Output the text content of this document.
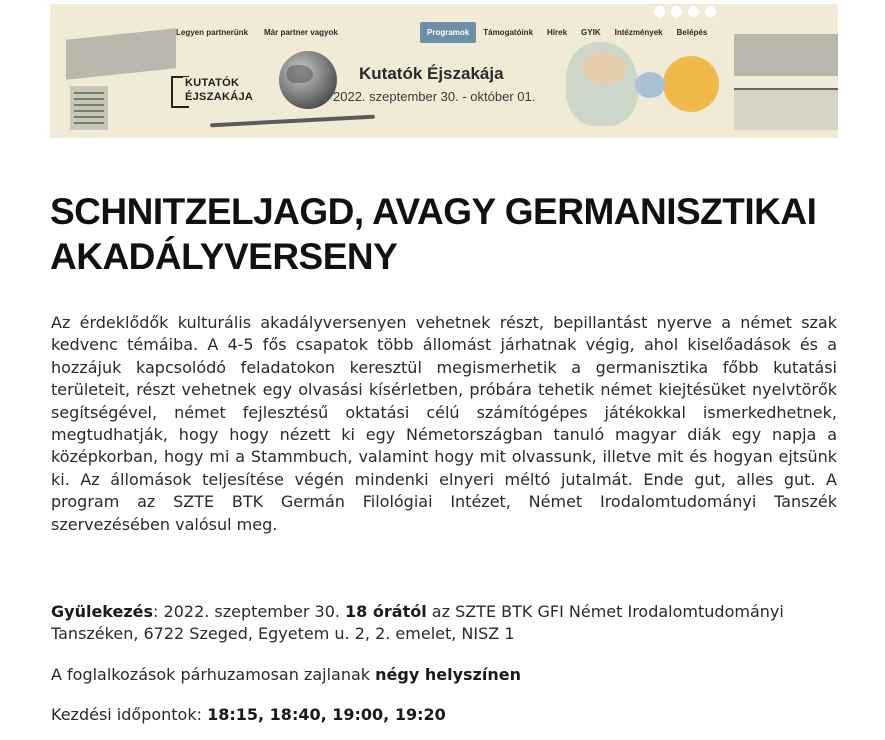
Legyen partnerünk Már partner vagyok	Programok	Támogatóink	Hírek	GYIK	Intézmények	Belépés
KUTATÓK
ÉJSZAKÁJA
Kutatók Éjszakája
2022. szeptember 30. - október 01.
SCHNITZELJAGD, AVAGY GERMANISZTIKAI AKADÁLYVERSENY

Az érdeklődők kulturális akadályversenyen vehetnek részt, bepillantást nyerve a német szak kedvenc témáiba. A 4-5 fős csapatok több állomást járhatnak végig, ahol kiselőadások és a hozzájuk kapcsolódó feladatokon keresztül megismerhetik a germanisztika főbb kutatási területeit, részt vehetnek egy olvasási kísérletben, próbára tehetik német kiejtésüket nyelvtörők segítségével, német fejlesztésű oktatási célú számítógépes játékokkal ismerkedhetnek, megtudhatják, hogy hogy nézett ki egy Németországban tanuló magyar diák egy napja a középkorban, hogy mi a Stammbuch, valamint hogy mit olvassunk, illetve mit és hogyan ejtsünk ki. Az állomások teljesítése végén mindenki elnyeri méltó jutalmát. Ende gut, alles gut. A program az SZTE BTK Germán Filológiai Intézet, Német Irodalomtudományi Tanszék szervezésében valósul meg.

Gyülekezés: 2022. szeptember 30. 18 órától az SZTE BTK GFI Német Irodalomtudományi Tanszéken, 6722 Szeged, Egyetem u. 2, 2. emelet, NISZ 1

A foglalkozások párhuzamosan zajlanak négy helyszínen

Kezdési időpontok: 18:15, 18:40, 19:00, 19:20
